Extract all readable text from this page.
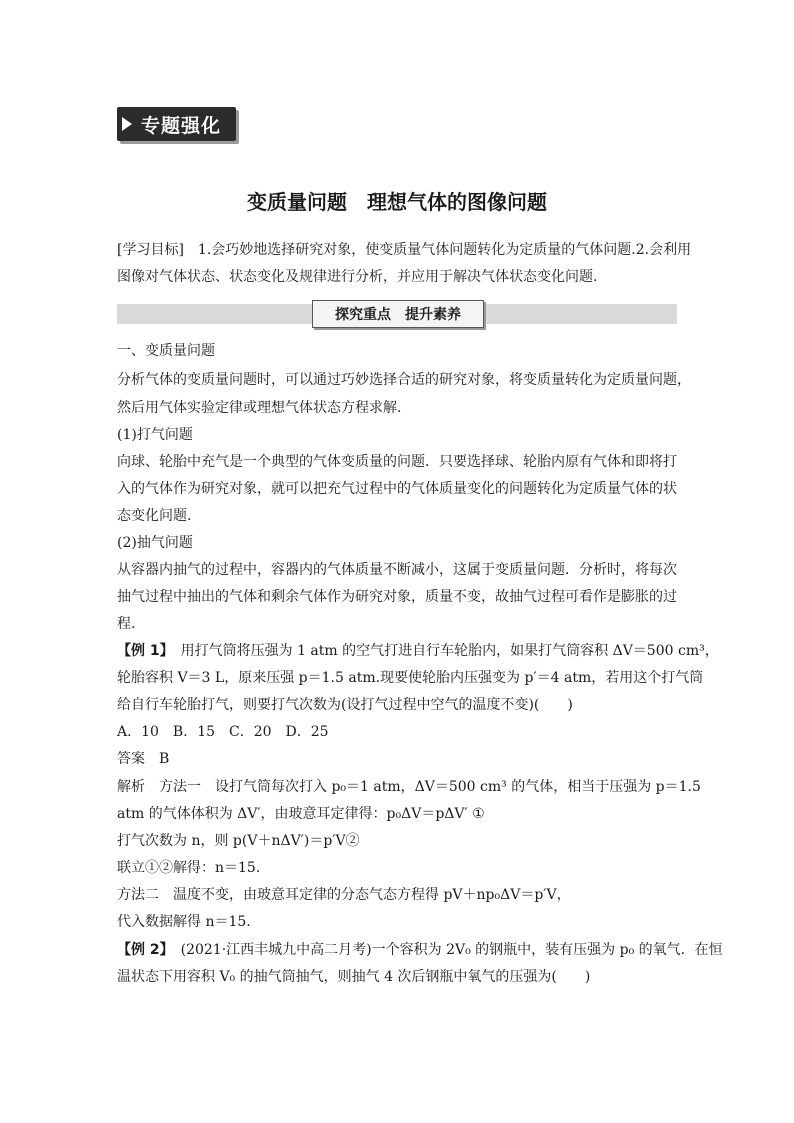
专题强化
变质量问题　理想气体的图像问题
[学习目标]　1.会巧妙地选择研究对象，使变质量气体问题转化为定质量的气体问题.2.会利用
图像对气体状态、状态变化及规律进行分析，并应用于解决气体状态变化问题.
探究重点
　 提升素养
一、变质量问题
分析气体的变质量问题时，可以通过巧妙选择合适的研究对象，将变质量转化为定质量问题，
然后用气体实验定律或理想气体状态方程求解.
(1)打气问题
向球、轮胎中充气是一个典型的气体变质量的问题．只要选择球、轮胎内原有气体和即将打
入的气体作为研究对象，就可以把充气过程中的气体质量变化的问题转化为定质量气体的状
态变化问题.
(2)抽气问题
从容器内抽气的过程中，容器内的气体质量不断减小，这属于变质量问题．分析时，将每次
抽气过程中抽出的气体和剩余气体作为研究对象，质量不变，故抽气过程可看作是膨胀的过
程.
【例 1】　用打气筒将压强为 1 atm 的空气打进自行车轮胎内，如果打气筒容积 ΔV＝500 cm³，
轮胎容积 V＝3 L，原来压强 p＝1.5 atm.现要使轮胎内压强变为 p′＝4 atm，若用这个打气筒
给自行车轮胎打气，则要打气次数为(设打气过程中空气的温度不变)(　　)
A．10　B．15　C．20　D．25
答案　B
解析　方法一　设打气筒每次打入 p₀＝1 atm，ΔV＝500 cm³ 的气体，相当于压强为 p＝1.5
atm 的气体体积为 ΔV′，由玻意耳定律得：p₀ΔV＝pΔV′ ①
打气次数为 n，则 p(V＋nΔV′)＝p′V②
联立①②解得：n＝15.
方法二　温度不变，由玻意耳定律的分态气态方程得 pV＋np₀ΔV＝p′V，
代入数据解得 n＝15.
【例 2】　(2021·江西丰城九中高二月考)一个容积为 2V₀ 的钢瓶中，装有压强为 p₀ 的氧气．在恒
温状态下用容积 V₀ 的抽气筒抽气，则抽气 4 次后钢瓶中氧气的压强为(　　)
